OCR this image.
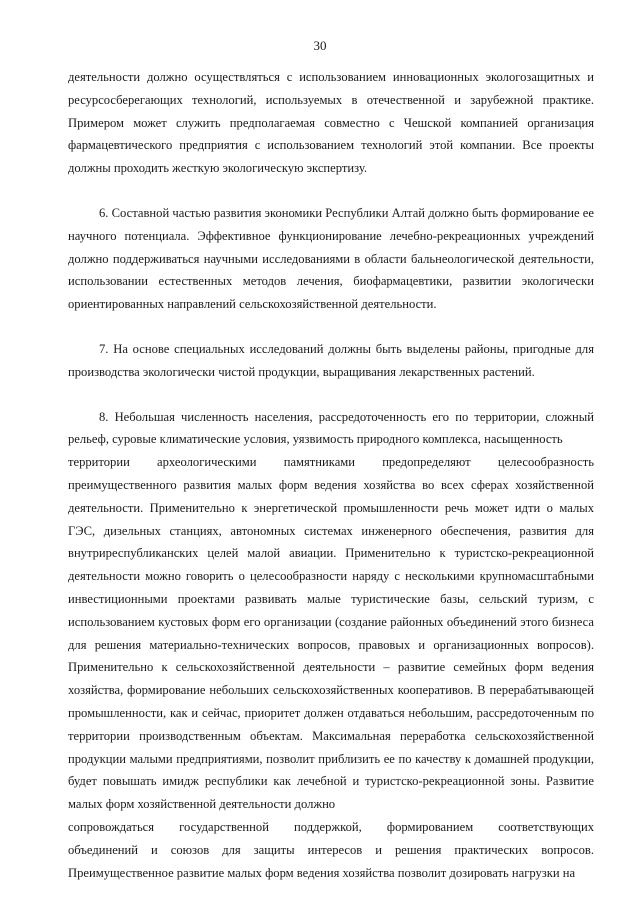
30

деятельности должно осуществляться с использованием инновационных экологозащитных и ресурсосберегающих технологий, используемых в отечественной и зарубежной практике. Примером может служить предполагаемая совместно с Чешской компанией организация фармацевтического предприятия с использованием технологий этой компании. Все проекты должны проходить жесткую экологическую экспертизу.

6. Составной частью развития экономики Республики Алтай должно быть формирование ее научного потенциала. Эффективное функционирование лечебно-рекреационных учреждений должно поддерживаться научными исследованиями в области бальнеологической деятельности, использовании естественных методов лечения, биофармацевтики, развитии экологически ориентированных направлений сельскохозяйственной деятельности.

7. На основе специальных исследований должны быть выделены районы, пригодные для производства экологически чистой продукции, выращивания лекарственных растений.

8. Небольшая численность населения, рассредоточенность его по территории, сложный рельеф, суровые климатические условия, уязвимость природного комплекса, насыщенность

территории археологическими памятниками предопределяют целесообразность

преимущественного развития малых форм ведения хозяйства во всех сферах хозяйственной деятельности. Применительно к энергетической промышленности речь может идти о малых ГЭС, дизельных станциях, автономных системах инженерного обеспечения, развития для внутриреспубликанских целей малой авиации. Применительно к туристско-рекреационной деятельности можно говорить о целесообразности наряду с несколькими крупномасштабными инвестиционными проектами развивать малые туристические базы, сельский туризм, с использованием кустовых форм его организации (создание районных объединений этого бизнеса для решения материально-технических вопросов, правовых и организационных вопросов). Применительно к сельскохозяйственной деятельности – развитие семейных форм ведения хозяйства, формирование небольших сельскохозяйственных кооперативов. В перерабатывающей промышленности, как и сейчас, приоритет должен отдаваться небольшим, рассредоточенным по территории производственным объектам. Максимальная переработка сельскохозяйственной продукции малыми предприятиями, позволит приблизить ее по качеству к домашней продукции, будет повышать имидж республики как лечебной и туристско-рекреационной зоны. Развитие малых форм хозяйственной деятельности должно

сопровождаться государственной поддержкой, формированием соответствующих

объединений и союзов для защиты интересов и решения практических вопросов. Преимущественное развитие малых форм ведения хозяйства позволит дозировать нагрузки на
